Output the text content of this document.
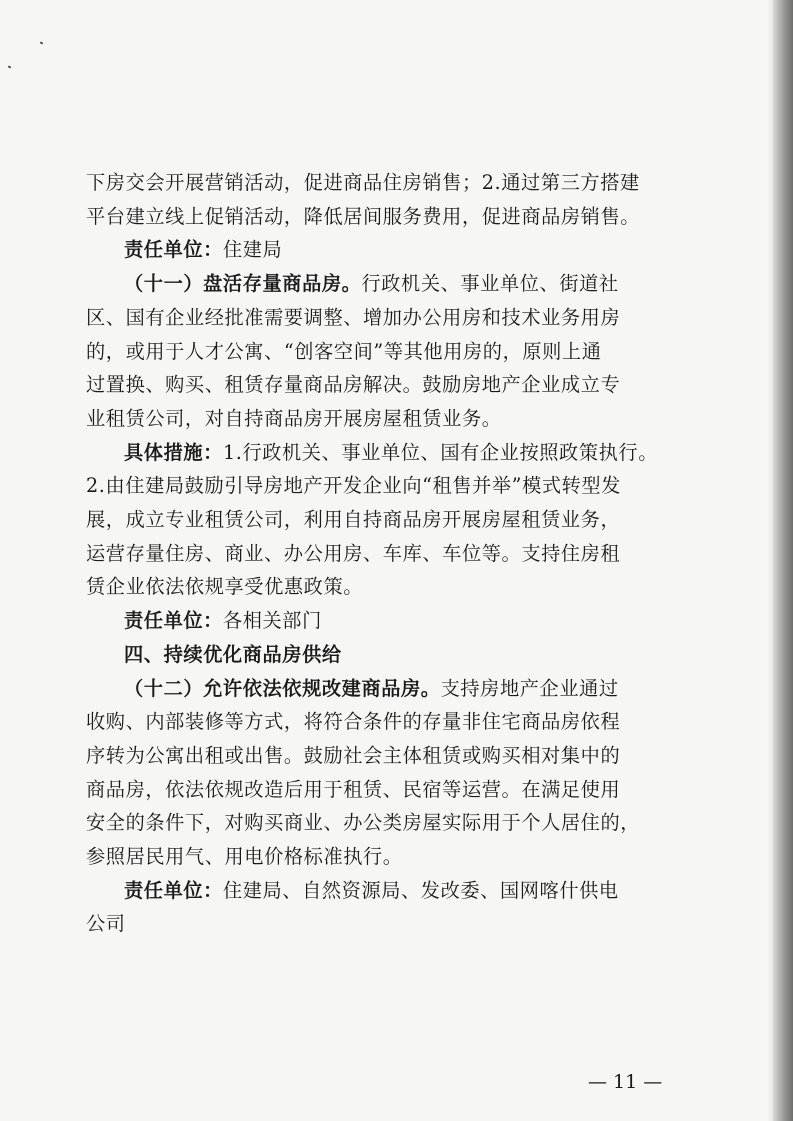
下房交会开展营销活动，促进商品住房销售；2.通过第三方搭建
平台建立线上促销活动，降低居间服务费用，促进商品房销售。
责任单位：住建局
（十一）盘活存量商品房。行政机关、事业单位、街道社
区、国有企业经批准需要调整、增加办公用房和技术业务用房
的，或用于人才公寓、“创客空间”等其他用房的，原则上通
过置换、购买、租赁存量商品房解决。鼓励房地产企业成立专
业租赁公司，对自持商品房开展房屋租赁业务。
具体措施：1.行政机关、事业单位、国有企业按照政策执行。
2.由住建局鼓励引导房地产开发企业向“租售并举”模式转型发
展，成立专业租赁公司，利用自持商品房开展房屋租赁业务，
运营存量住房、商业、办公用房、车库、车位等。支持住房租
赁企业依法依规享受优惠政策。
责任单位：各相关部门
四、持续优化商品房供给
（十二）允许依法依规改建商品房。支持房地产企业通过
收购、内部装修等方式，将符合条件的存量非住宅商品房依程
序转为公寓出租或出售。鼓励社会主体租赁或购买相对集中的
商品房，依法依规改造后用于租赁、民宿等运营。在满足使用
安全的条件下，对购买商业、办公类房屋实际用于个人居住的，
参照居民用气、用电价格标准执行。
责任单位：住建局、自然资源局、发改委、国网喀什供电
公司
— 11 —
